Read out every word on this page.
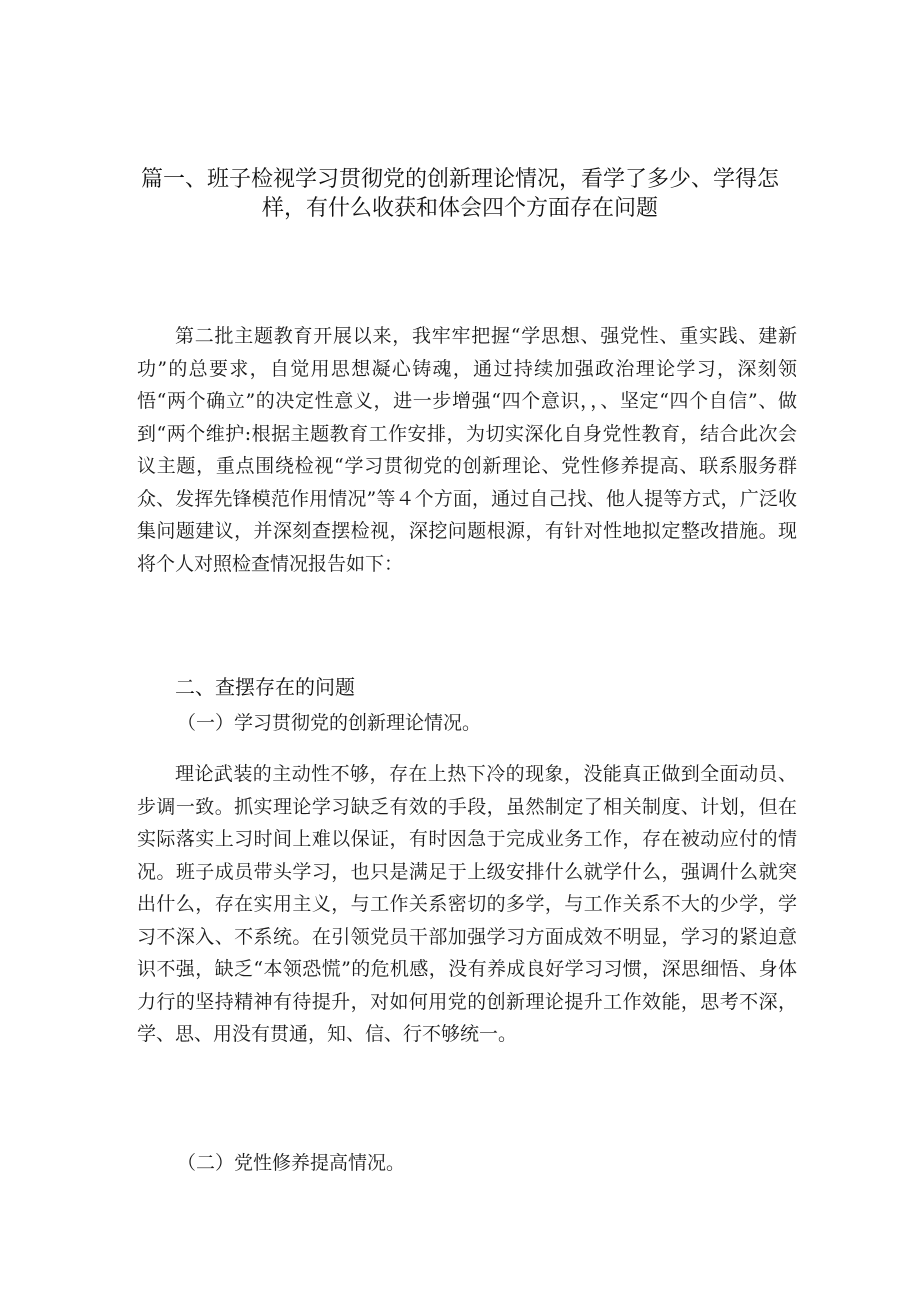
篇一、班子检视学习贯彻党的创新理论情况，看学了多少、学得怎
样，有什么收获和体会四个方面存在问题
第二批主题教育开展以来，我牢牢把握“学思想、强党性、重实践、建新功”的总要求，自觉用思想凝心铸魂，通过持续加强政治理论学习，深刻领悟“两个确立”的决定性意义，进一步增强“四个意识，，、坚定“四个自信”、做到“两个维护:根据主题教育工作安排，为切实深化自身党性教育，结合此次会议主题，重点围绕检视“学习贯彻党的创新理论、党性修养提高、联系服务群众、发挥先锋模范作用情况”等４个方面，通过自己找、他人提等方式，广泛收集问题建议，并深刻查摆检视，深挖问题根源，有针对性地拟定整改措施。现将个人对照检查情况报告如下：
二、查摆存在的问题
（一）学习贯彻党的创新理论情况。
理论武装的主动性不够，存在上热下冷的现象，没能真正做到全面动员、步调一致。抓实理论学习缺乏有效的手段，虽然制定了相关制度、计划，但在实际落实上习时间上难以保证，有时因急于完成业务工作，存在被动应付的情况。班子成员带头学习，也只是满足于上级安排什么就学什么，强调什么就突出什么，存在实用主义，与工作关系密切的多学，与工作关系不大的少学，学习不深入、不系统。在引领党员干部加强学习方面成效不明显，学习的紧迫意识不强，缺乏“本领恐慌”的危机感，没有养成良好学习习惯，深思细悟、身体力行的坚持精神有待提升，对如何用党的创新理论提升工作效能，思考不深，学、思、用没有贯通，知、信、行不够统一。
（二）党性修养提高情况。
